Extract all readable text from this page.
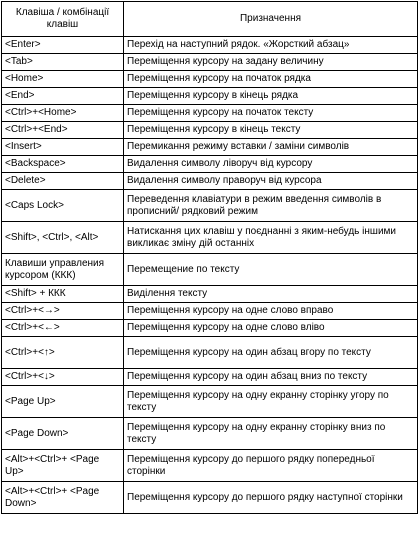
Клавіша / комбінації клавіш	Призначення
<Enter>	Перехід на наступний рядок. «Жорсткий абзац»
<Tab>	Переміщення курсору на задану величину
<Home>	Переміщення курсору на початок рядка
<End>	Переміщення курсору в кінець рядка
<Ctrl>+<Home>	Переміщення курсору на початок тексту
<Ctrl>+<End>	Переміщення курсору в кінець тексту
<Insert>	Перемикання режиму вставки / заміни символів
<Backspace>	Видалення символу ліворуч від курсору
<Delete>	Видалення символу праворуч від курсора
<Caps Lock>	Переведення клавіатури в режим введення символів в прописний/ рядковий режим
<Shift>, <Ctrl>, <Alt>	Натискання цих клавіш у поєднанні з яким-небудь іншими викликає зміну дій останніх
Клавиши управления курсором (ККК)	Перемещение по тексту
<Shift> + ККК	Виділення тексту
<Ctrl>+<→>	Переміщення курсору на одне слово вправо
<Ctrl>+<←>	Переміщення курсору на одне слово вліво
<Ctrl>+<↑>	Переміщення курсору на один абзац вгору по тексту
<Ctrl>+<↓>	Переміщення курсору на один абзац вниз по тексту
<Page Up>	Переміщення курсору на одну екранну сторінку угору по тексту
<Page Down>	Переміщення курсору на одну екранну сторінку вниз по тексту
<Alt>+<Ctrl>+ <Page Up>	Переміщення курсору до першого рядку попередньої сторінки
<Alt>+<Ctrl>+ <Page Down>	Переміщення курсору до першого рядку наступної сторінки
